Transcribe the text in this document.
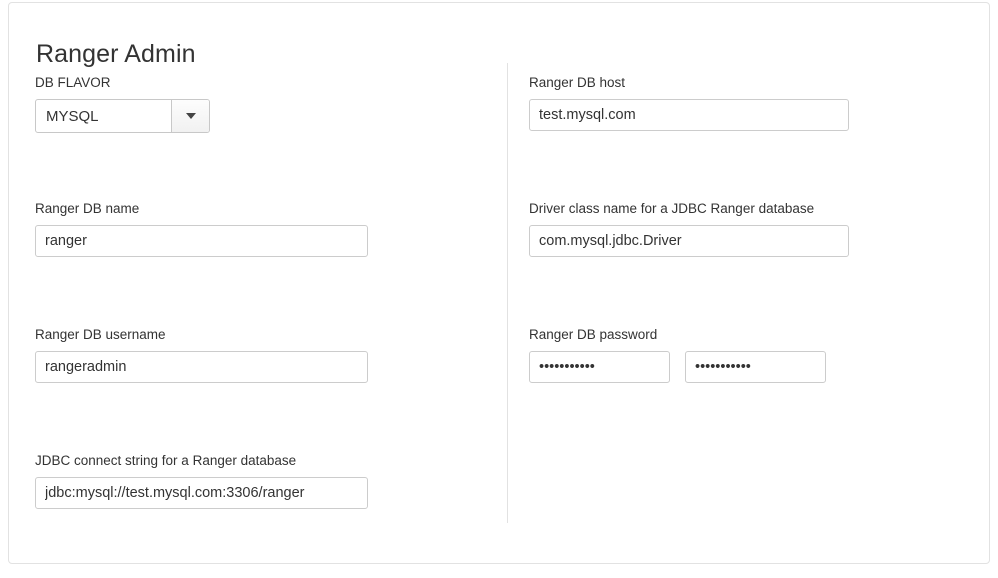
Ranger Admin
DB FLAVOR
MYSQL
Ranger DB name
ranger
Ranger DB username
rangeradmin
JDBC connect string for a Ranger database
jdbc:mysql://test.mysql.com:3306/ranger
Ranger DB host
test.mysql.com
Driver class name for a JDBC Ranger database
com.mysql.jdbc.Driver
Ranger DB password
